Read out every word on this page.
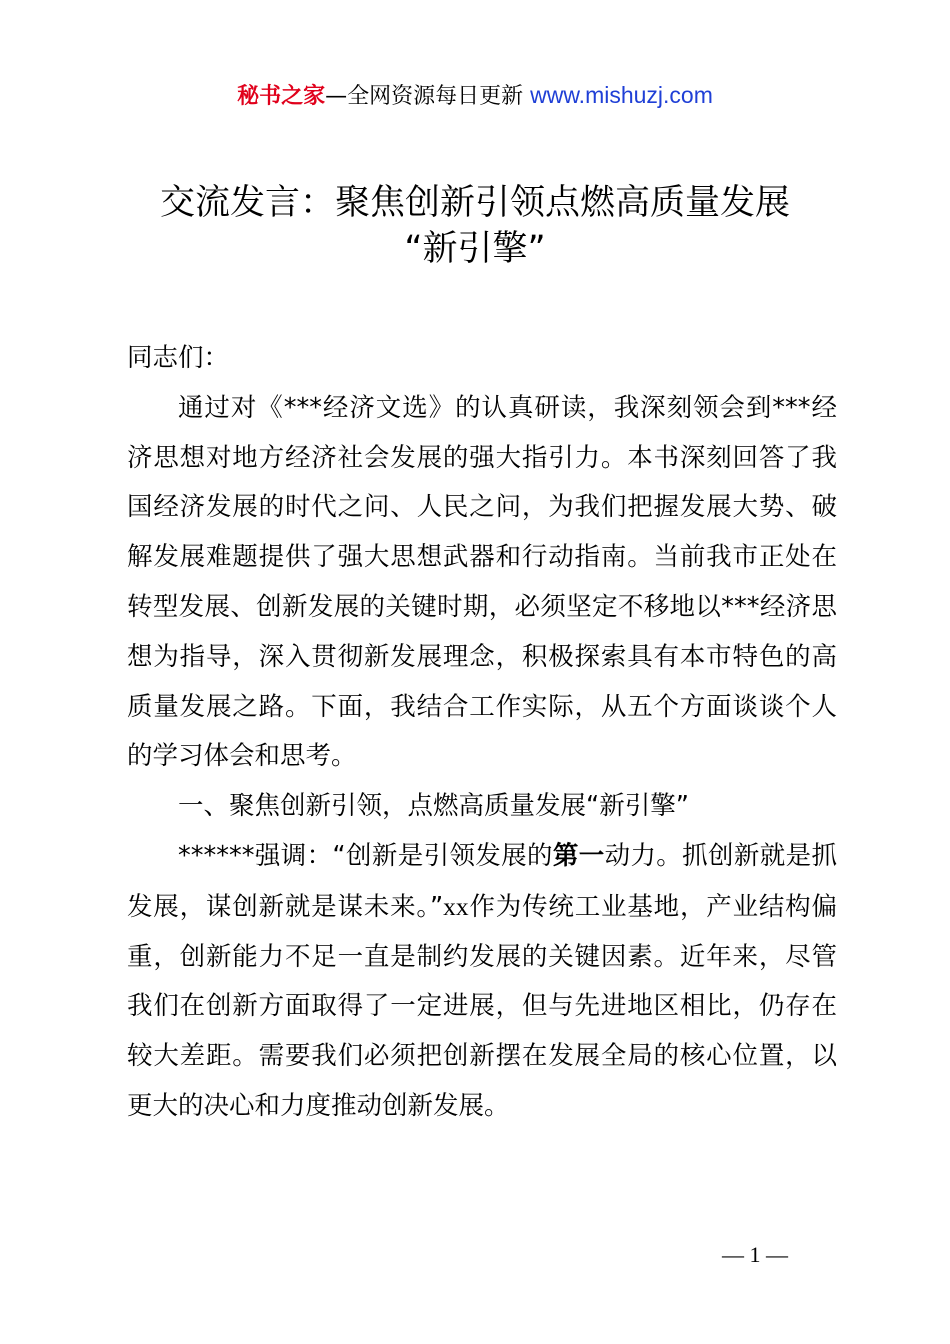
秘书之家—全网资源每日更新 www.mishuzj.com
交流发言：聚焦创新引领点燃高质量发展
“新引擎”

同志们：

通过对《***经济文选》的认真研读，我深刻领会到***经济思想对地方经济社会发展的强大指引力。本书深刻回答了我国经济发展的时代之问、人民之问，为我们把握发展大势、破解发展难题提供了强大思想武器和行动指南。当前我市正处在转型发展、创新发展的关键时期，必须坚定不移地以***经济思想为指导，深入贯彻新发展理念，积极探索具有本市特色的高质量发展之路。下面，我结合工作实际，从五个方面谈谈个人的学习体会和思考。

一、聚焦创新引领，点燃高质量发展“新引擎”

******强调：“创新是引领发展的第一动力。抓创新就是抓发展，谋创新就是谋未来。”xx作为传统工业基地，产业结构偏重，创新能力不足一直是制约发展的关键因素。近年来，尽管我们在创新方面取得了一定进展，但与先进地区相比，仍存在较大差距。需要我们必须把创新摆在发展全局的核心位置，以更大的决心和力度推动创新发展。

— 1 —
